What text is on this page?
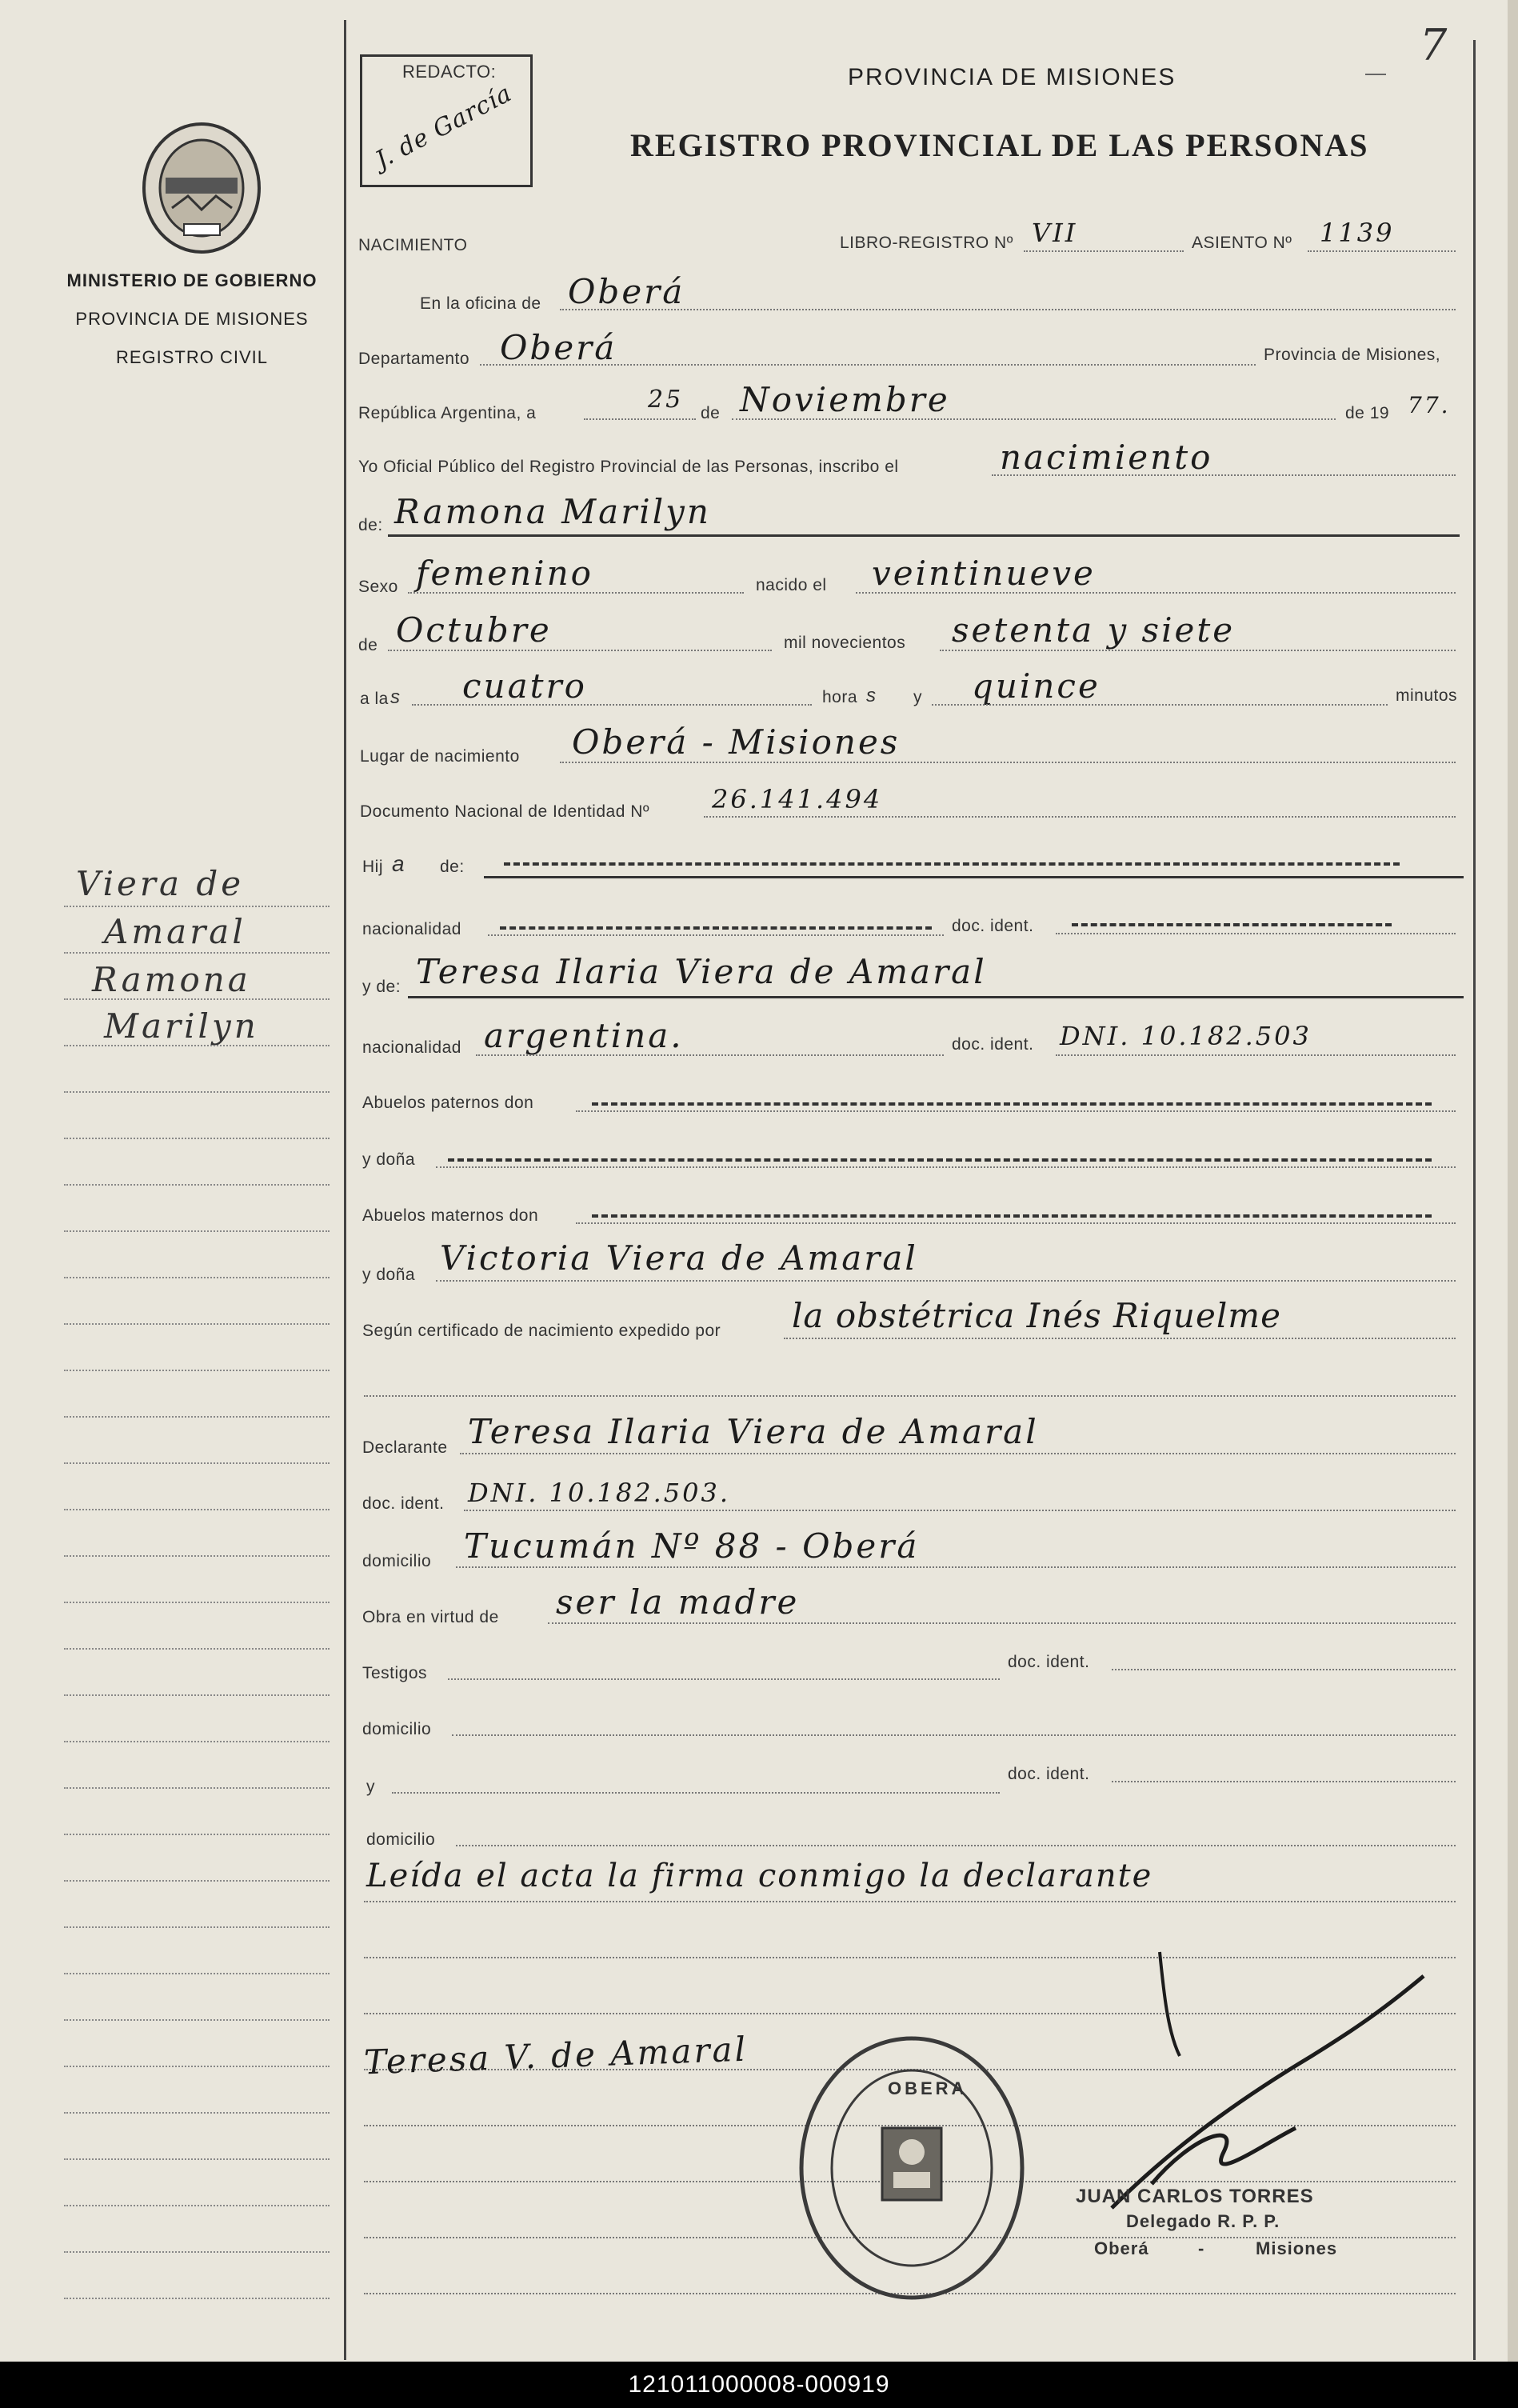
MINISTERIO DE GOBIERNO
PROVINCIA DE MISIONES
REGISTRO CIVIL
Viera de
Amaral
Ramona
Marilyn
REDACTO:
J. de García
7
PROVINCIA DE MISIONES
REGISTRO PROVINCIAL DE LAS PERSONAS
NACIMIENTO	LIBRO-REGISTRO Nº VII	ASIENTO Nº 1139
En la oficina de Oberá
Departamento Oberá	Provincia de Misiones,
República Argentina, a	25 de Noviembre	de 19 77.
Yo Oficial Público del Registro Provincial de las Personas, inscribo el	nacimiento
de: Ramona Marilyn
Sexo femenino	nacido el veintinueve
de Octubre	mil novecientos setenta y siete
a la s cuatro	hora s y quince	minutos
Lugar de nacimiento Oberá - Misiones
Documento Nacional de Identidad Nº 26.141.494
Hij a de:
nacionalidad	doc. ident.
y de: Teresa Ilaria Viera de Amaral
nacionalidad argentina.	doc. ident. DNI. 10.182.503
Abuelos paternos don
y doña
Abuelos maternos don
y doña Victoria Viera de Amaral
Según certificado de nacimiento expedido por la obstétrica Inés Riquelme
Declarante Teresa Ilaria Viera de Amaral
doc. ident. DNI. 10.182.503.
domicilio Tucumán Nº 88 - Oberá
Obra en virtud de ser la madre
Testigos
doc. ident.
domicilio
y
doc. ident.
domicilio
Leída el acta la firma conmigo la declarante
Teresa V. de Amaral
OBERA
JUAN CARLOS TORRES
Delegado R. P. P.
Oberá	-	Misiones
121011000008-000919
